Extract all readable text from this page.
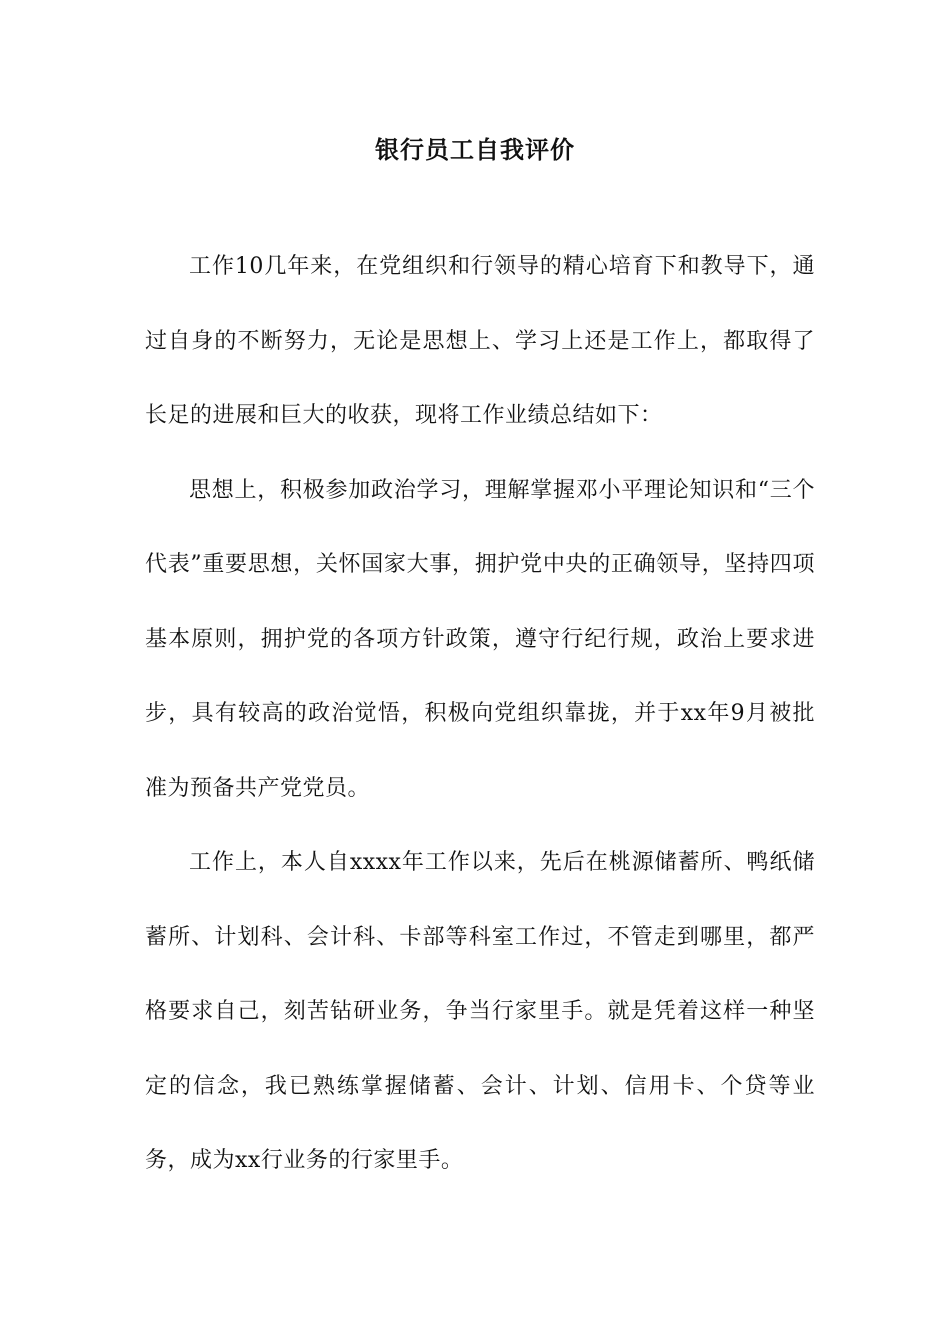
银行员工自我评价

工作10几年来，在党组织和行领导的精心培育下和教导下，通过自身的不断努力，无论是思想上、学习上还是工作上，都取得了长足的进展和巨大的收获，现将工作业绩总结如下：

思想上，积极参加政治学习，理解掌握邓小平理论知识和“三个代表”重要思想，关怀国家大事，拥护党中央的正确领导，坚持四项基本原则，拥护党的各项方针政策，遵守行纪行规，政治上要求进步，具有较高的政治觉悟，积极向党组织靠拢，并于xx年9月被批准为预备共产党党员。

工作上，本人自xxxx年工作以来，先后在桃源储蓄所、鸭纸储蓄所、计划科、会计科、卡部等科室工作过，不管走到哪里，都严格要求自己，刻苦钻研业务，争当行家里手。就是凭着这样一种坚定的信念，我已熟练掌握储蓄、会计、计划、信用卡、个贷等业务，成为xx行业务的行家里手。
